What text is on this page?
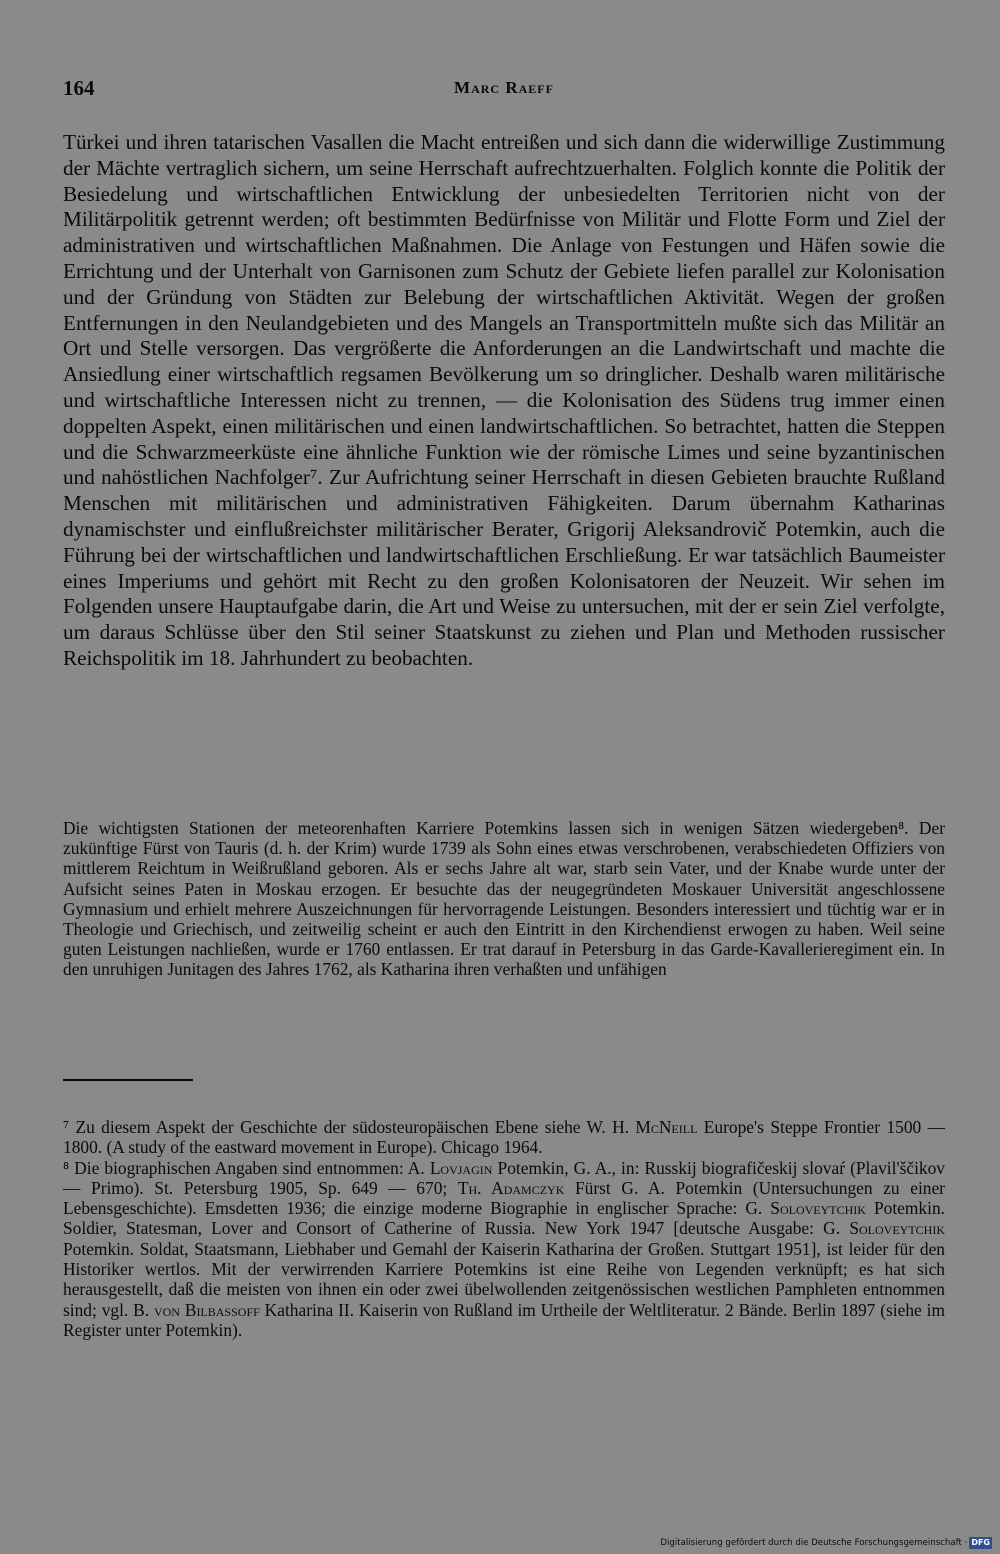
164	Marc Raeff

Türkei und ihren tatarischen Vasallen die Macht entreißen und sich dann die widerwillige Zustimmung der Mächte vertraglich sichern, um seine Herrschaft aufrechtzuerhalten. Folglich konnte die Politik der Besiedelung und wirtschaftlichen Entwicklung der unbesiedelten Territorien nicht von der Militärpolitik getrennt werden; oft bestimmten Bedürfnisse von Militär und Flotte Form und Ziel der administrativen und wirtschaftlichen Maßnahmen. Die Anlage von Festungen und Häfen sowie die Errichtung und der Unterhalt von Garnisonen zum Schutz der Gebiete liefen parallel zur Kolonisation und der Gründung von Städten zur Belebung der wirtschaftlichen Aktivität. Wegen der großen Entfernungen in den Neulandgebieten und des Mangels an Transportmitteln mußte sich das Militär an Ort und Stelle versorgen. Das vergrößerte die Anforderungen an die Landwirtschaft und machte die Ansiedlung einer wirtschaftlich regsamen Bevölkerung um so dringlicher. Deshalb waren militärische und wirtschaftliche Interessen nicht zu trennen, — die Kolonisation des Südens trug immer einen doppelten Aspekt, einen militärischen und einen landwirtschaftlichen. So betrachtet, hatten die Steppen und die Schwarzmeerküste eine ähnliche Funktion wie der römische Limes und seine byzantinischen und nahöstlichen Nachfolger⁷. Zur Aufrichtung seiner Herrschaft in diesen Gebieten brauchte Rußland Menschen mit militärischen und administrativen Fähigkeiten. Darum übernahm Katharinas dynamischster und einflußreichster militärischer Berater, Grigorij Aleksandrovič Potemkin, auch die Führung bei der wirtschaftlichen und landwirtschaftlichen Erschließung. Er war tatsächlich Baumeister eines Imperiums und gehört mit Recht zu den großen Kolonisatoren der Neuzeit. Wir sehen im Folgenden unsere Hauptaufgabe darin, die Art und Weise zu untersuchen, mit der er sein Ziel verfolgte, um daraus Schlüsse über den Stil seiner Staatskunst zu ziehen und Plan und Methoden russischer Reichspolitik im 18. Jahrhundert zu beobachten.

Die wichtigsten Stationen der meteorenhaften Karriere Potemkins lassen sich in wenigen Sätzen wiedergeben⁸. Der zukünftige Fürst von Tauris (d. h. der Krim) wurde 1739 als Sohn eines etwas verschrobenen, verabschiedeten Offiziers von mittlerem Reichtum in Weißrußland geboren. Als er sechs Jahre alt war, starb sein Vater, und der Knabe wurde unter der Aufsicht seines Paten in Moskau erzogen. Er besuchte das der neugegründeten Moskauer Universität angeschlossene Gymnasium und erhielt mehrere Auszeichnungen für hervorragende Leistungen. Besonders interessiert und tüchtig war er in Theologie und Griechisch, und zeitweilig scheint er auch den Eintritt in den Kirchendienst erwogen zu haben. Weil seine guten Leistungen nachließen, wurde er 1760 entlassen. Er trat darauf in Petersburg in das Garde-Kavallerieregiment ein. In den unruhigen Junitagen des Jahres 1762, als Katharina ihren verhaßten und unfähigen

⁷ Zu diesem Aspekt der Geschichte der südosteuropäischen Ebene siehe W. H. McNeill Europe's Steppe Frontier 1500 — 1800. (A study of the eastward movement in Europe). Chicago 1964.

⁸ Die biographischen Angaben sind entnommen: A. Lovjagin Potemkin, G. A., in: Russkij biografičeskij slovaŕ (Plavil'ščikov — Primo). St. Petersburg 1905, Sp. 649 — 670; Th. Adamczyk Fürst G. A. Potemkin (Untersuchungen zu einer Lebensgeschichte). Emsdetten 1936; die einzige moderne Biographie in englischer Sprache: G. Soloveytchik Potemkin. Soldier, Statesman, Lover and Consort of Catherine of Russia. New York 1947 [deutsche Ausgabe: G. Soloveytchik Potemkin. Soldat, Staatsmann, Liebhaber und Gemahl der Kaiserin Katharina der Großen. Stuttgart 1951], ist leider für den Historiker wertlos. Mit der verwirrenden Karriere Potemkins ist eine Reihe von Legenden verknüpft; es hat sich herausgestellt, daß die meisten von ihnen ein oder zwei übelwollenden zeitgenössischen westlichen Pamphleten entnommen sind; vgl. B. von Bilbassoff Katharina II. Kaiserin von Rußland im Urtheile der Weltliteratur. 2 Bände. Berlin 1897 (siehe im Register unter Potemkin).

Digitalisierung gefördert durch die Deutsche Forschungsgemeinschaft · DFG
